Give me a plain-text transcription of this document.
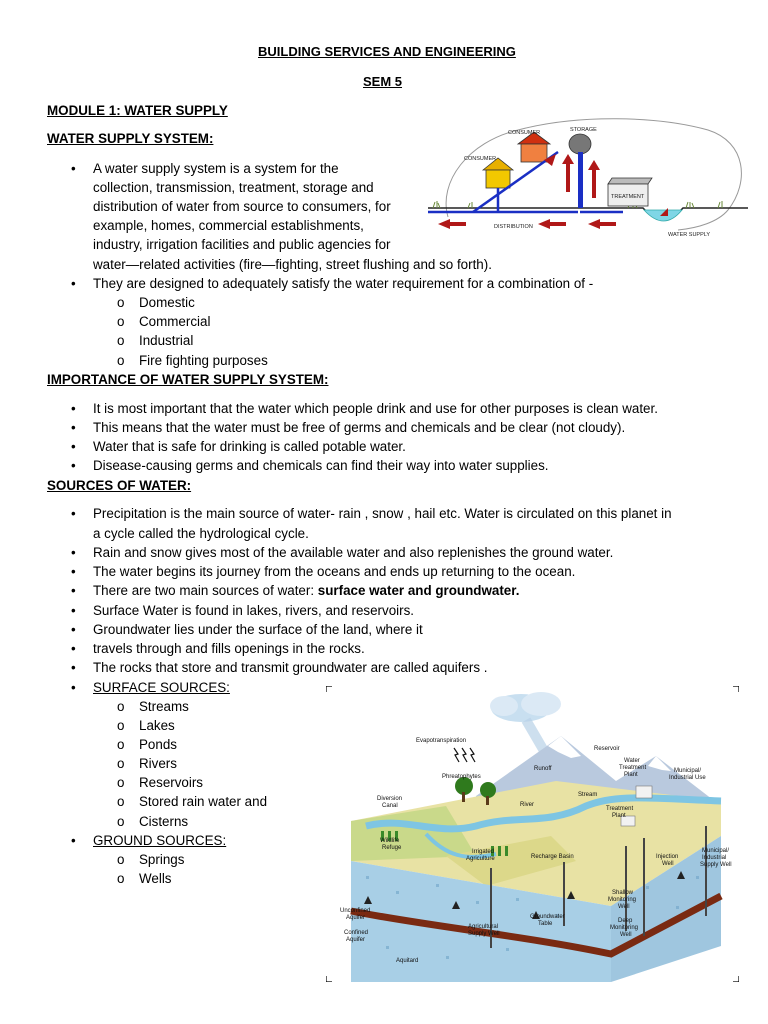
BUILDING SERVICES AND ENGINEERING
SEM 5
MODULE 1: WATER SUPPLY
WATER SUPPLY SYSTEM:
• A water supply system is a system for the
collection, transmission, treatment, storage and
distribution of water from source to consumers, for
example, homes, commercial establishments,
industry, irrigation facilities and public agencies for
water—related activities (fire—fighting, street flushing and so forth).
• They are designed to adequately satisfy the water requirement for a combination of -
o Domestic
o Commercial
o Industrial
o Fire fighting purposes
CONSUMER
CONSUMER
STORAGE
TREATMENT
DISTRIBUTION
WATER SUPPLY
IMPORTANCE OF WATER SUPPLY SYSTEM:
• It is most important that the water which people drink and use for other purposes is clean water.
• This means that the water must be free of germs and chemicals and be clear (not cloudy).
• Water that is safe for drinking is called potable water.
• Disease-causing germs and chemicals can find their way into water supplies.
SOURCES OF WATER:
• Precipitation is the main source of water- rain , snow , hail etc. Water is circulated on this planet in
a cycle called the hydrological cycle.
• Rain and snow gives most of the available water and also replenishes the ground water.
• The water begins its journey from the oceans and ends up returning to the ocean.
• There are two main sources of water: surface water and groundwater.
• Surface Water is found in lakes, rivers, and reservoirs.
• Groundwater lies under the surface of the land, where it
• travels through and fills openings in the rocks.
• The rocks that store and transmit groundwater are called aquifers .
• SURFACE SOURCES:
o Streams
o Lakes
o Ponds
o Rivers
o Reservoirs
o Stored rain water and
o Cisterns
• GROUND SOURCES:
o Springs
o Wells
Evapotranspiration
Phreatophytes
Runoff
Reservoir
Water
Treatment
Plant
Municipal/
Industrial Use
Diversion
Canal	River
Stream
Treatment
Plant
Wildlife
Refuge
Irrigated
Agriculture	Recharge Basin	Injection
Well
Municipal/
Industrial
Supply Well
Shallow
Monitoring
Well
Unconfined
Aquifer
Confined
Aquifer
Aquitard
Agricultural
Supply Well
Groundwater
Table	Deep
Monitoring
Well
